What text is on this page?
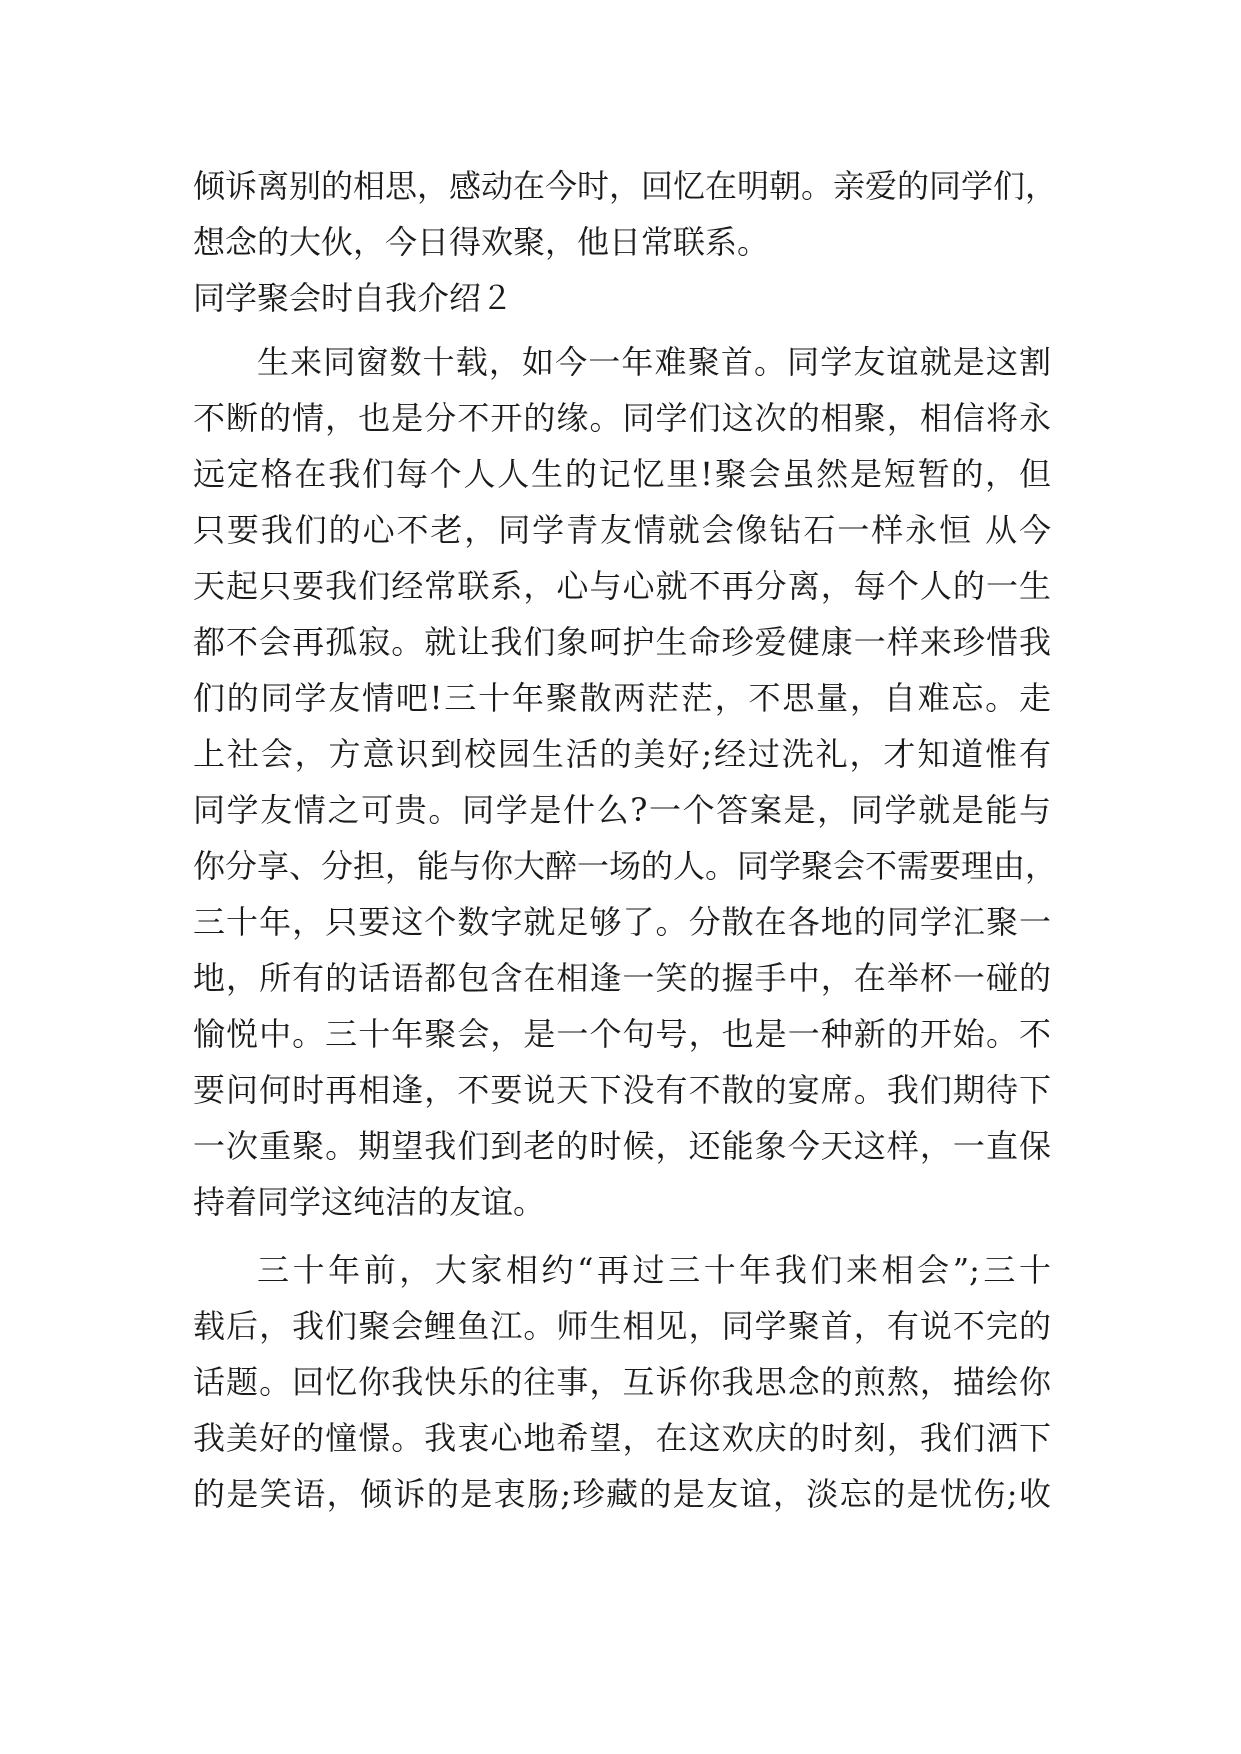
倾诉离别的相思，感动在今时，回忆在明朝。亲爱的同学们，
想念的大伙，今日得欢聚，他日常联系。
同学聚会时自我介绍２
生来同窗数十载，如今一年难聚首。同学友谊就是这割
不断的情，也是分不开的缘。同学们这次的相聚，相信将永
远定格在我们每个人人生的记忆里!聚会虽然是短暂的，但
只要我们的心不老，同学青友情就会像钻石一样永恒 从今
天起只要我们经常联系，心与心就不再分离，每个人的一生
都不会再孤寂。就让我们象呵护生命珍爱健康一样来珍惜我
们的同学友情吧!三十年聚散两茫茫，不思量，自难忘。走
上社会，方意识到校园生活的美好;经过洗礼，才知道惟有
同学友情之可贵。同学是什么?一个答案是，同学就是能与
你分享、分担，能与你大醉一场的人。同学聚会不需要理由，
三十年，只要这个数字就足够了。分散在各地的同学汇聚一
地，所有的话语都包含在相逢一笑的握手中，在举杯一碰的
愉悦中。三十年聚会，是一个句号，也是一种新的开始。不
要问何时再相逢，不要说天下没有不散的宴席。我们期待下
一次重聚。期望我们到老的时候，还能象今天这样，一直保
持着同学这纯洁的友谊。
三十年前，大家相约“再过三十年我们来相会”;三十
载后，我们聚会鲤鱼江。师生相见，同学聚首，有说不完的
话题。回忆你我快乐的往事，互诉你我思念的煎熬，描绘你
我美好的憧憬。我衷心地希望，在这欢庆的时刻，我们洒下
的是笑语，倾诉的是衷肠;珍藏的是友谊，淡忘的是忧伤;收
